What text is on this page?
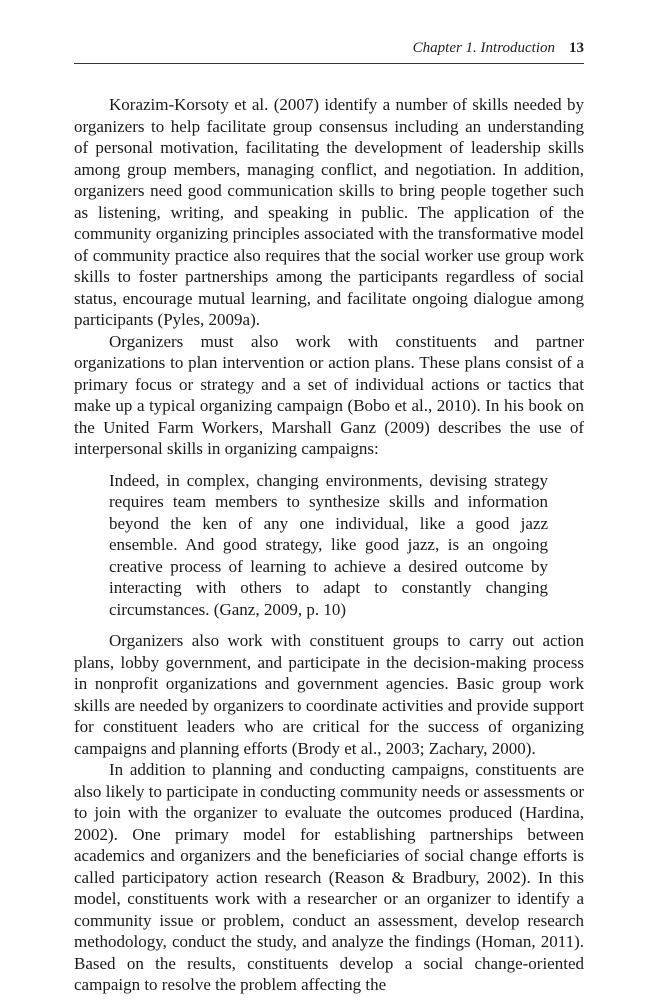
Chapter 1. Introduction 13

Korazim-Korsoty et al. (2007) identify a number of skills needed by organizers to help facilitate group consensus including an understanding of personal motivation, facilitating the development of leadership skills among group members, managing conflict, and negotiation. In addition, organizers need good communication skills to bring people together such as listening, writing, and speaking in public. The application of the community organizing principles associated with the transformative model of community practice also requires that the social worker use group work skills to foster partnerships among the participants regardless of social status, encourage mutual learning, and facilitate ongoing dialogue among participants (Pyles, 2009a).

Organizers must also work with constituents and partner organizations to plan intervention or action plans. These plans consist of a primary focus or strategy and a set of individual actions or tactics that make up a typical organizing campaign (Bobo et al., 2010). In his book on the United Farm Workers, Marshall Ganz (2009) describes the use of interpersonal skills in organizing campaigns:

Indeed, in complex, changing environments, devising strategy requires team members to synthesize skills and information beyond the ken of any one individual, like a good jazz ensemble. And good strategy, like good jazz, is an ongoing creative process of learning to achieve a desired outcome by interacting with others to adapt to constantly changing circumstances. (Ganz, 2009, p. 10)

Organizers also work with constituent groups to carry out action plans, lobby government, and participate in the decision-making process in nonprofit organizations and government agencies. Basic group work skills are needed by organizers to coordinate activities and provide support for constituent leaders who are critical for the success of organizing campaigns and planning efforts (Brody et al., 2003; Zachary, 2000).

In addition to planning and conducting campaigns, constituents are also likely to participate in conducting community needs or assessments or to join with the organizer to evaluate the outcomes produced (Hardina, 2002). One primary model for establishing partnerships between academics and organizers and the beneficiaries of social change efforts is called participatory action research (Reason & Bradbury, 2002). In this model, constituents work with a researcher or an organizer to identify a community issue or problem, conduct an assessment, develop research methodology, conduct the study, and analyze the findings (Homan, 2011). Based on the results, constituents develop a social change-oriented campaign to resolve the problem affecting the
